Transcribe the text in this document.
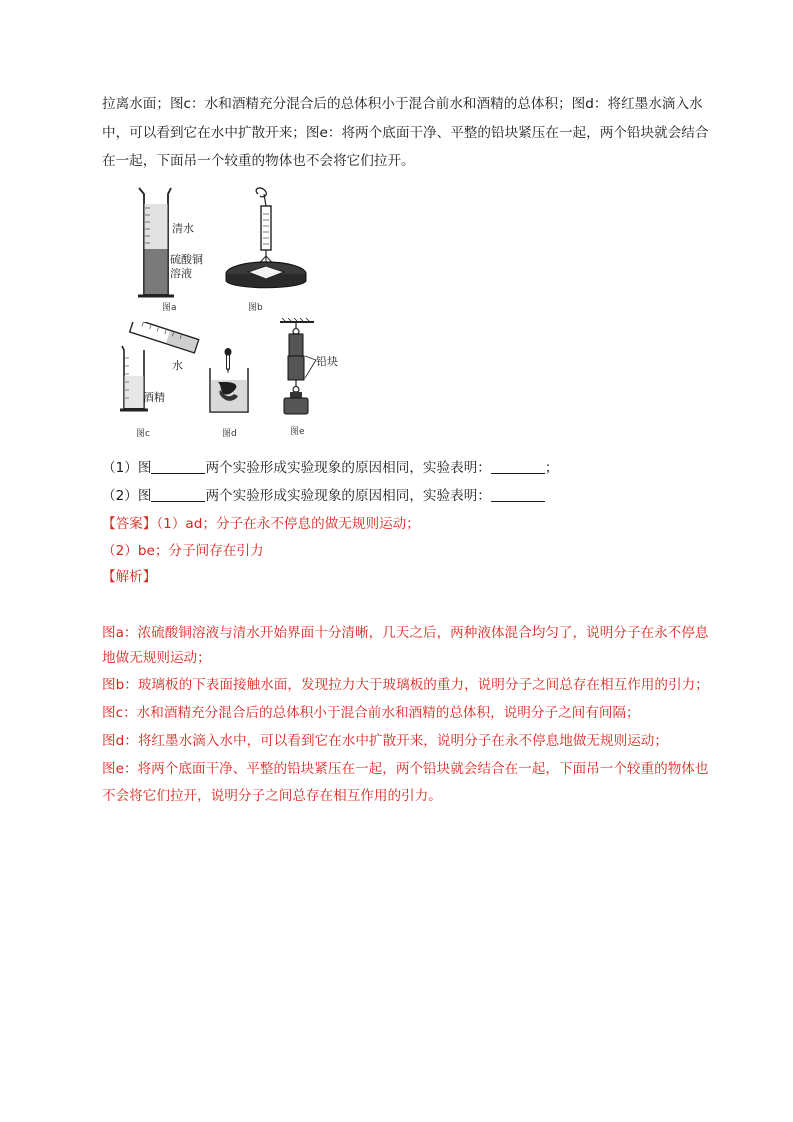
拉离水面；图c：水和酒精充分混合后的总体积小于混合前水和酒精的总体积；图d：将红墨水滴入水
中，可以看到它在水中扩散开来；图e：将两个底面干净、平整的铅块紧压在一起，两个铅块就会结合
在一起，下面吊一个较重的物体也不会将它们拉开。
图a
清水
硫酸铜
溶液
图b
图c
水
酒精
图d	图e
铅块
（1）图	两个实验形成实验现象的原因相同，实验表明：	；
（2）图	两个实验形成实验现象的原因相同，实验表明：
【答案】（1）ad；分子在永不停息的做无规则运动；
（2）be；分子间存在引力
【解析】
图a：浓硫酸铜溶液与清水开始界面十分清晰，几天之后，两种液体混合均匀了，说明分子在永不停息
地做无规则运动；
图b：玻璃板的下表面接触水面，发现拉力大于玻璃板的重力，说明分子之间总存在相互作用的引力；
图c：水和酒精充分混合后的总体积小于混合前水和酒精的总体积，说明分子之间有间隔；
图d：将红墨水滴入水中，可以看到它在水中扩散开来，说明分子在永不停息地做无规则运动；
图e：将两个底面干净、平整的铅块紧压在一起，两个铅块就会结合在一起，下面吊一个较重的物体也
不会将它们拉开，说明分子之间总存在相互作用的引力。
